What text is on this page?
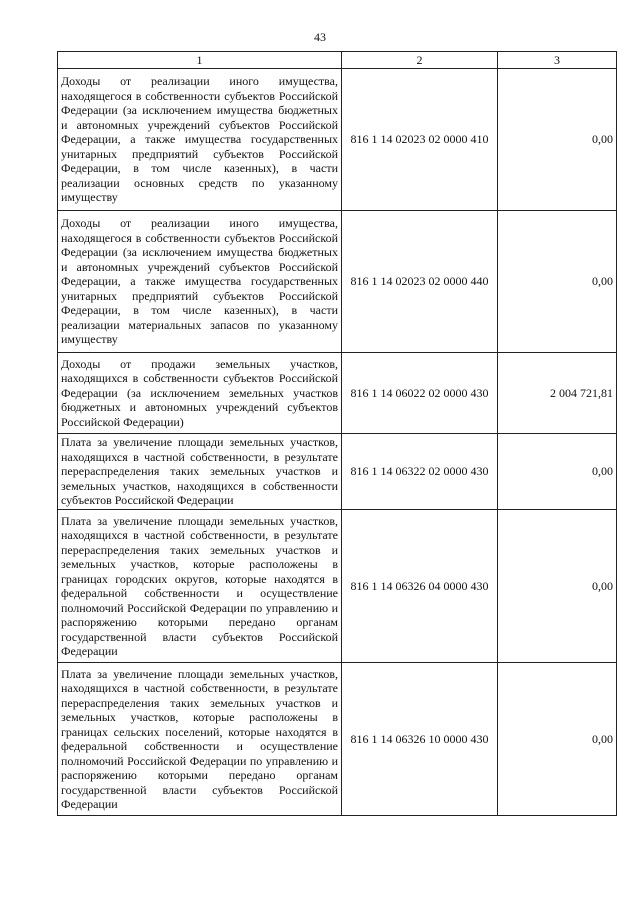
43
1	2	3
Доходы от реализации иного имущества, находящегося в собственности субъектов Российской Федерации (за исключением имущества бюджетных и автономных учреждений субъектов Российской Федерации, а также имущества государственных унитарных предприятий субъектов Российской Федерации, в том числе казенных), в части реализации основных средств по указанному имуществу	816 1 14 02023 02 0000 410	0,00
Доходы от реализации иного имущества, находящегося в собственности субъектов Российской Федерации (за исключением имущества бюджетных и автономных учреждений субъектов Российской Федерации, а также имущества государственных унитарных предприятий субъектов Российской Федерации, в том числе казенных), в части реализации материальных запасов по указанному имуществу	816 1 14 02023 02 0000 440	0,00
Доходы от продажи земельных участков, находящихся в собственности субъектов Российской Федерации (за исключением земельных участков бюджетных и автономных учреждений субъектов Российской Федерации)	816 1 14 06022 02 0000 430	2 004 721,81
Плата за увеличение площади земельных участков, находящихся в частной собственности, в результате перераспределения таких земельных участков и земельных участков, находящихся в собственности субъектов Российской Федерации	816 1 14 06322 02 0000 430	0,00
Плата за увеличение площади земельных участков, находящихся в частной собственности, в результате перераспределения таких земельных участков и земельных участков, которые расположены в границах городских округов, которые находятся в федеральной собственности и осуществление полномочий Российской Федерации по управлению и распоряжению которыми передано органам государственной власти субъектов Российской Федерации	816 1 14 06326 04 0000 430	0,00
Плата за увеличение площади земельных участков, находящихся в частной собственности, в результате перераспределения таких земельных участков и земельных участков, которые расположены в границах сельских поселений, которые находятся в федеральной собственности и осуществление полномочий Российской Федерации по управлению и распоряжению которыми передано органам государственной власти субъектов Российской Федерации	816 1 14 06326 10 0000 430	0,00
